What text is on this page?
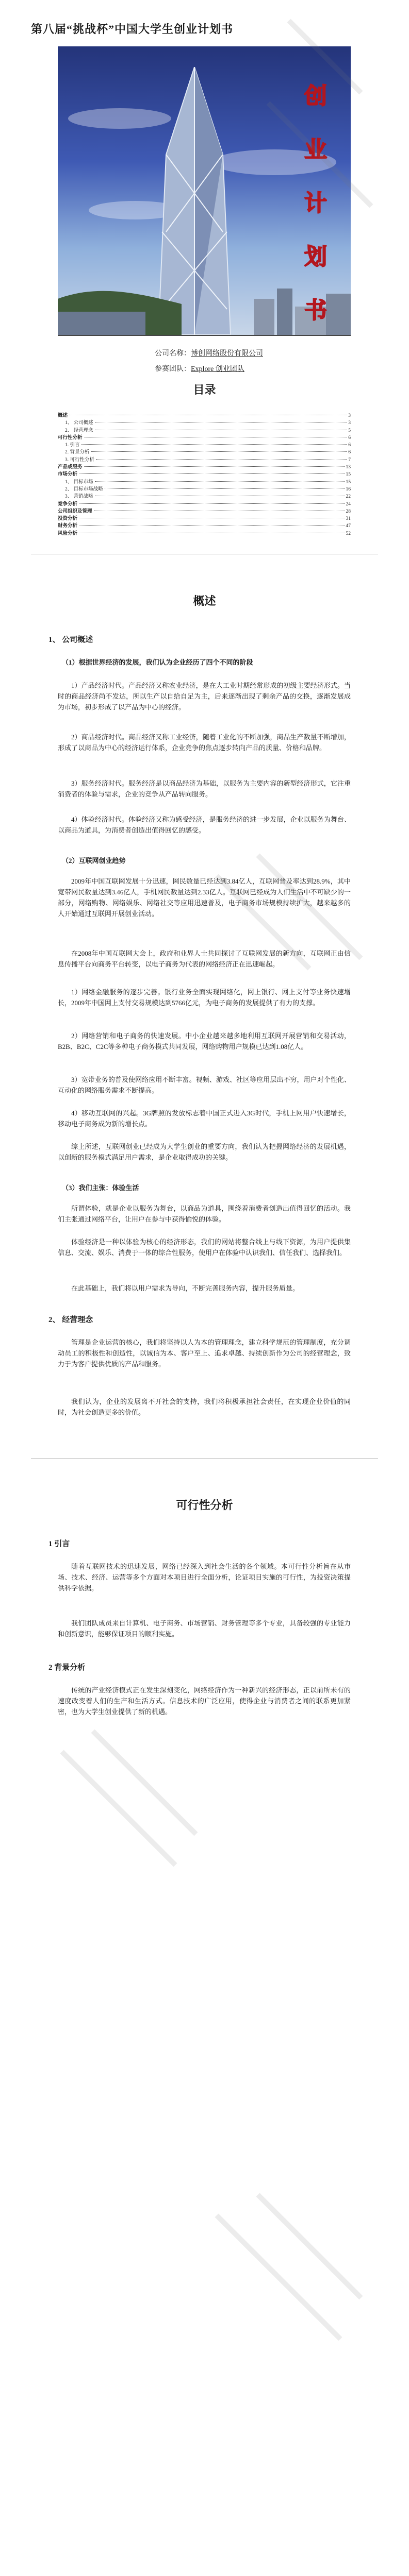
第八届“挑战杯”中国大学生创业计划书
创
业
计
划
书
公司名称：博创网络股份有限公司
参赛团队：Explore 创业团队
目录
概述	3
1、 公司概述	3
2、 经营理念	5
可行性分析	6
1. 引言	6
2. 背景分析	6
3. 可行性分析	7
产品或服务	13
市场分析	15
1、 目标市场	15
2、 目标市场战略	16
3、 营销战略	22
竞争分析	24
公司组织及管理	28
投资分析	31
财务分析	47
风险分析	52
概述
1、 公司概述
（1）根据世界经济的发展，我们认为企业经历了四个不同的阶段
1）产品经济时代。产品经济又称农业经济，是在大工业时期经常形成的初级主要经济形式。当时的商品经济尚不发达，所以生产以自给自足为主，后来逐渐出现了剩余产品的交换，逐渐发展成为市场，初步形成了以产品为中心的经济。
2）商品经济时代。商品经济又称工业经济，随着工业化的不断加强，商品生产数量不断增加，形成了以商品为中心的经济运行体系，企业竞争的焦点逐步转向产品的质量、价格和品牌。
3）服务经济时代。服务经济是以商品经济为基础，以服务为主要内容的新型经济形式，它注重消费者的体验与需求，企业的竞争从产品转向服务。
4）体验经济时代。体验经济又称为感受经济，是服务经济的进一步发展，企业以服务为舞台、以商品为道具，为消费者创造出值得回忆的感受。
（2）互联网创业趋势
2009年中国互联网发展十分迅速，网民数量已经达到3.84亿人，互联网普及率达到28.9%，其中宽带网民数量达到3.46亿人，手机网民数量达到2.33亿人。互联网已经成为人们生活中不可缺少的一部分，网络购物、网络娱乐、网络社交等应用迅速普及，电子商务市场规模持续扩大，越来越多的人开始通过互联网开展创业活动。
在2008年中国互联网大会上，政府和业界人士共同探讨了互联网发展的新方向，互联网正由信息传播平台向商务平台转变，以电子商务为代表的网络经济正在迅速崛起。
1）网络金融服务的逐步完善。银行业务全面实现网络化，网上银行、网上支付等业务快速增长，2009年中国网上支付交易规模达到5766亿元，为电子商务的发展提供了有力的支撑。
2）网络营销和电子商务的快速发展。中小企业越来越多地利用互联网开展营销和交易活动，B2B、B2C、C2C等多种电子商务模式共同发展，网络购物用户规模已达到1.08亿人。
3）宽带业务的普及使网络应用不断丰富。视频、游戏、社区等应用层出不穷，用户对个性化、互动化的网络服务需求不断提高。
4）移动互联网的兴起。3G牌照的发放标志着中国正式进入3G时代，手机上网用户快速增长，移动电子商务成为新的增长点。
综上所述，互联网创业已经成为大学生创业的重要方向，我们认为把握网络经济的发展机遇，以创新的服务模式满足用户需求，是企业取得成功的关键。
（3）我们主张：体验生活
所谓体验，就是企业以服务为舞台，以商品为道具，围绕着消费者创造出值得回忆的活动。我们主张通过网络平台，让用户在参与中获得愉悦的体验。
体验经济是一种以体验为核心的经济形态，我们的网站将整合线上与线下资源，为用户提供集信息、交流、娱乐、消费于一体的综合性服务，使用户在体验中认识我们、信任我们、选择我们。
在此基础上，我们将以用户需求为导向，不断完善服务内容，提升服务质量。
2、 经营理念
管理是企业运营的核心，我们将坚持以人为本的管理理念，建立科学规范的管理制度，充分调动员工的积极性和创造性，以诚信为本、客户至上、追求卓越、持续创新作为公司的经营理念，致力于为客户提供优质的产品和服务。
我们认为，企业的发展离不开社会的支持，我们将积极承担社会责任，在实现企业价值的同时，为社会创造更多的价值。
可行性分析
1 引言
随着互联网技术的迅速发展，网络已经深入到社会生活的各个领域。本可行性分析旨在从市场、技术、经济、运营等多个方面对本项目进行全面分析，论证项目实施的可行性，为投资决策提供科学依据。
我们团队成员来自计算机、电子商务、市场营销、财务管理等多个专业，具备较强的专业能力和创新意识，能够保证项目的顺利实施。
2 背景分析
传统的产业经济模式正在发生深刻变化，网络经济作为一种新兴的经济形态，正以前所未有的速度改变着人们的生产和生活方式。信息技术的广泛应用，使得企业与消费者之间的联系更加紧密，也为大学生创业提供了新的机遇。
